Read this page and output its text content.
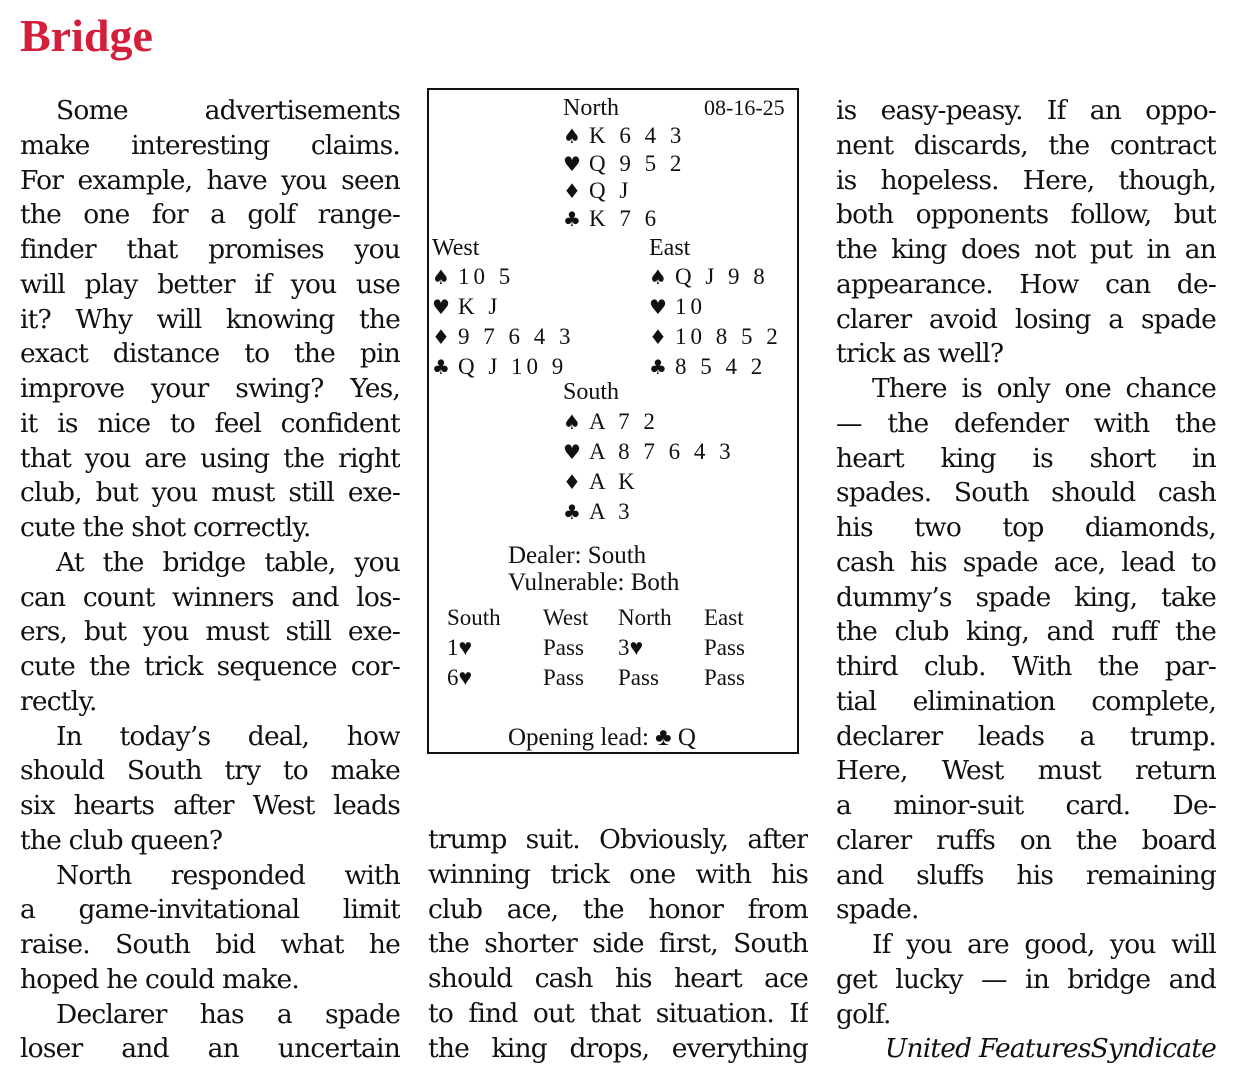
Bridge
Some advertisements
make interesting claims.
For example, have you seen
the one for a golf range-
finder that promises you
will play better if you use
it? Why will knowing the
exact distance to the pin
improve your swing? Yes,
it is nice to feel confident
that you are using the right
club, but you must still exe-
cute the shot correctly.
At the bridge table, you
can count winners and los-
ers, but you must still exe-
cute the trick sequence cor-
rectly.
In today’s deal, how
should South try to make
six hearts after West leads
the club queen?
North responded with
a game-invitational limit
raise. South bid what he
hoped he could make.
Declarer has a spade
loser and an uncertain
trump suit. Obviously, after
winning trick one with his
club ace, the honor from
the shorter side first, South
should cash his heart ace
to find out that situation. If
the king drops, everything
is easy-peasy. If an oppo-
nent discards, the contract
is hopeless. Here, though,
both opponents follow, but
the king does not put in an
appearance. How can de-
clarer avoid losing a spade
trick as well?
There is only one chance
— the defender with the
heart king is short in
spades. South should cash
his two top diamonds,
cash his spade ace, lead to
dummy’s spade king, take
the club king, and ruff the
third club. With the par-
tial elimination complete,
declarer leads a trump.
Here, West must return
a minor-suit card. De-
clarer ruffs on the board
and sluffs his remaining
spade.
If you are good, you will
get lucky — in bridge and
golf.
United FeaturesSyndicate
North	08-16-25
♠ K 6 4 3
♥ Q 9 5 2
♦ Q J
♣ K 7 6
West
♠ 10 5
♥ K J
♦ 9 7 6 4 3
♣ Q J 10 9
East
♠ Q J 9 8
♥ 10
♦ 10 8 5 2
♣ 8 5 4 2
South
♠ A 7 2
♥ A 8 7 6 4 3
♦ A K
♣ A 3
Dealer: South
Vulnerable: Both
South West North East
1♥	Pass 3♥	Pass
6♥	Pass Pass Pass
Opening lead: ♣ Q
